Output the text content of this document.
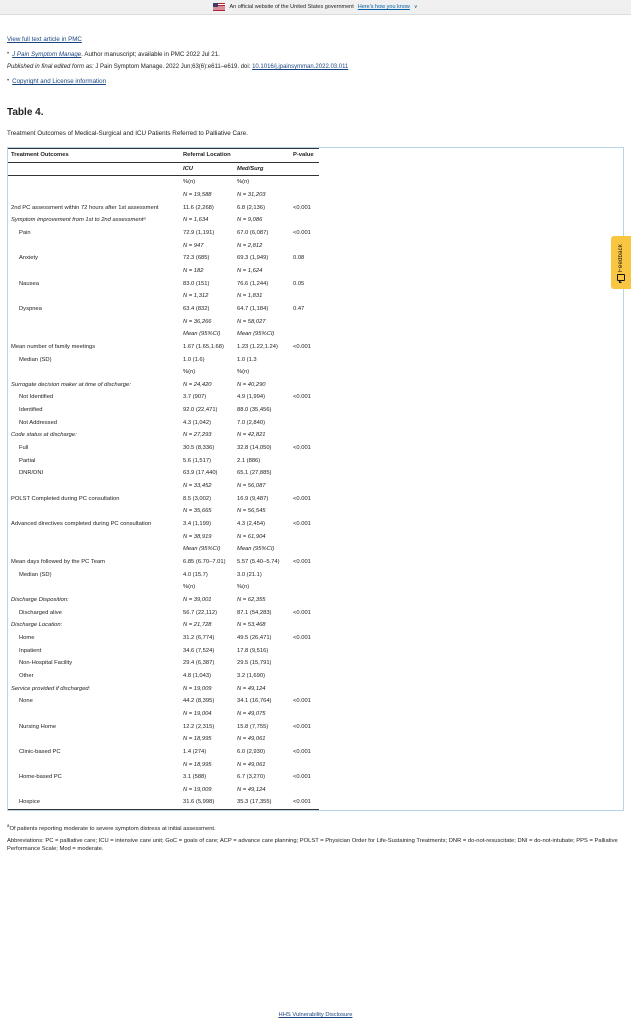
An official website of the United States government Here's how you know ∨
View full text article in PMC
• J Pain Symptom Manage. Author manuscript; available in PMC 2022 Jul 21.
Published in final edited form as: J Pain Symptom Manage. 2022 Jun;63(6):e611–e619. doi: 10.1016/j.jpainsymman.2022.03.011
• Copyright and License information
Table 4.
Treatment Outcomes of Medical-Surgical and ICU Patients Referred to Palliative Care.
Treatment Outcomes	Referral Location		P-value
	ICU	Med/Surg	
	%(n)	%(n)	
	N = 19,588	N = 31,203	
2nd PC assessment within 72 hours after 1st assessment	11.6 (2,268)	6.8 (2,136)	<0.001
Symptom improvement from 1st to 2nd assessmentᵃ	N = 1,634	N = 9,086	
Pain	72.9 (1,191)	67.0 (6,087)	<0.001
	N = 947	N = 2,812	
Anxiety	72.3 (685)	69.3 (1,949)	0.08
	N = 182	N = 1,624	
Nausea	83.0 (151)	76.6 (1,244)	0.05
	N = 1,312	N = 1,831	
Dyspnea	63.4 (832)	64.7 (1,184)	0.47
	N = 36,266	N = 58,027	
	Mean (95%CI)	Mean (95%CI)	
Mean number of family meetings	1.67 (1.65,1.68)	1.23 (1.22,1.24)	<0.001
Median (SD)	1.0 (1.6)	1.0 (1.3	
	%(n)	%(n)	
Surrogate decision maker at time of discharge:	N = 24,420	N = 40,290	
Not Identified	3.7 (907)	4.9 (1,994)	<0.001
Identified	92.0 (22,471)	88.0 (35,456)	
Not Addressed	4.3 (1,042)	7.0 (2,840)	
Code status at discharge:	N = 27,293	N = 42,821	
Full	30.5 (8,336)	32.8 (14,050)	<0.001
Partial	5.6 (1,517)	2.1 (886)	
DNR/DNI	63.9 (17,440)	65.1 (27,885)	
	N = 33,452	N = 56,087	
POLST Completed during PC consultation	8.5 (3,002)	16.9 (9,487)	<0.001
	N = 35,665	N = 56,545	
Advanced directives completed during PC consultation	3.4 (1,199)	4.3 (2,454)	<0.001
	N = 38,919	N = 61,904	
	Mean (95%CI)	Mean (95%CI)	
Mean days followed by the PC Team	6.85 (6.70–7.01)	5.57 (5.40–5.74)	<0.001
Median (SD)	4.0 (15.7)	3.0 (21.1)	
	%(n)	%(n)	
Discharge Disposition:	N = 39,001	N = 62,355	
Discharged alive	56.7 (22,112)	87.1 (54,283)	<0.001
Discharge Location:	N = 21,728	N = 53,468	
Home	31.2 (6,774)	49.5 (26,471)	<0.001
Inpatient	34.6 (7,524)	17.8 (9,516)	
Non-Hospital Facility	29.4 (6,387)	29.5 (15,791)	
Other	4.8 (1,043)	3.2 (1,690)	
Service provided if discharged:	N = 19,009	N = 49,124	
None	44.2 (8,395)	34.1 (16,764)	<0.001
	N = 19,004	N = 49,075	
Nursing Home	12.2 (2,315)	15.8 (7,755)	<0.001
	N = 18,995	N = 49,061	
Clinic-based PC	1.4 (274)	6.0 (2,930)	<0.001
	N = 18,995	N = 49,061	
Home-based PC	3.1 (588)	6.7 (3,270)	<0.001
	N = 19,009	N = 49,124	
Hospice	31.6 (5,998)	35.3 (17,355)	<0.001

$^a$Of patients reporting moderate to severe symptom distress at initial assessment.

Abbreviations: PC = palliative care; ICU = intensive care unit; GoC = goals of care; ACP = advance care planning; POLST = Physician Order for Life-Sustaining Treatments; DNR = do-not-resuscitate; DNI = do-not-intubate; PPS = Palliative Performance Scale; Mod = moderate.

Feedback
HHS Vulnerability Disclosure
